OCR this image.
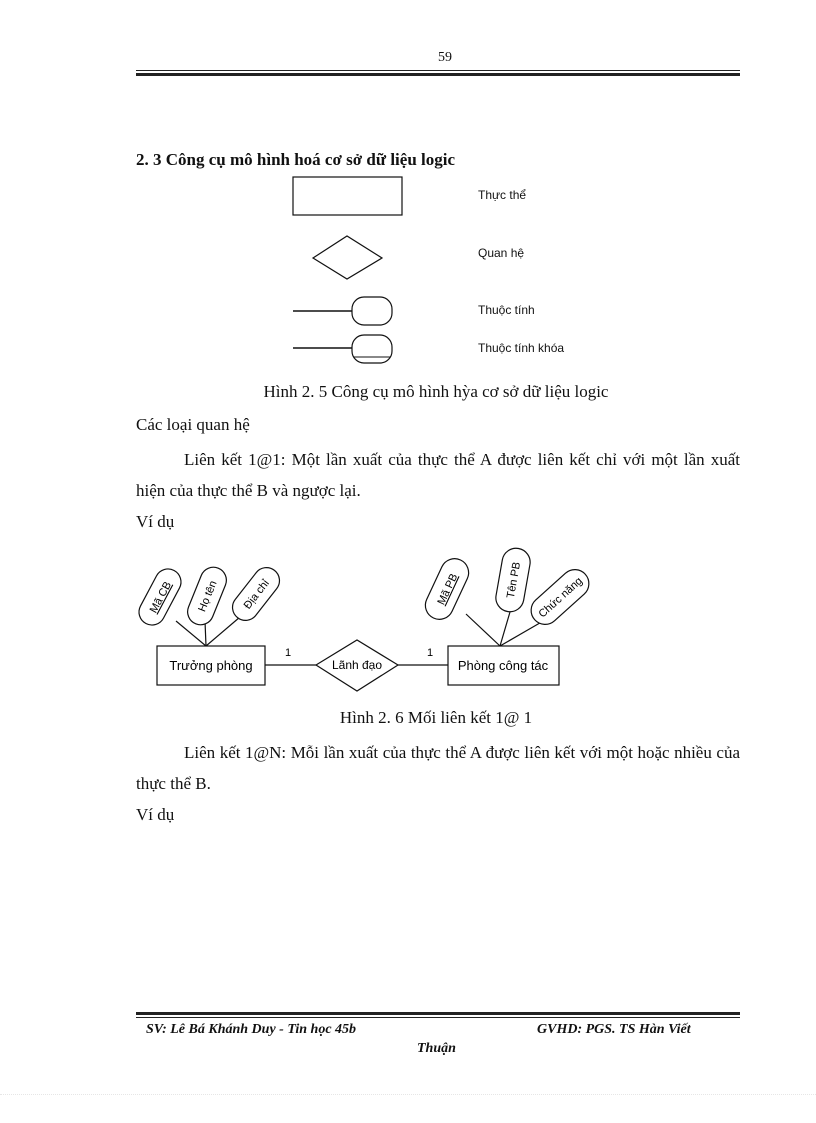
59
2. 3 Công cụ mô hình hoá cơ sở dữ liệu logic
Thực thể
Quan hệ
Thuộc tính
Thuộc tính khóa
Hình 2. 5 Công cụ mô hình hỳa cơ sở dữ liệu logic
Các loại quan hệ
Liên kết 1@1: Một lần xuất của thực thể A được liên kết chỉ với một lần xuất hiện của thực thể B và ngược lại.
Ví dụ
Mã CB Họ tên Địa chỉ	Mã PB	Tên PB Chức năng
Trưởng phòng	Phòng công tác
Lãnh đạo
1	1
Hình 2. 6 Mối liên kết 1@ 1
Liên kết 1@N: Mỗi lần xuất của thực thể A được liên kết với một hoặc nhiều của thực thể B.
Ví dụ
SV: Lê Bá Khánh Duy - Tin học 45b	GVHD: PGS. TS Hàn Viết
Thuận
